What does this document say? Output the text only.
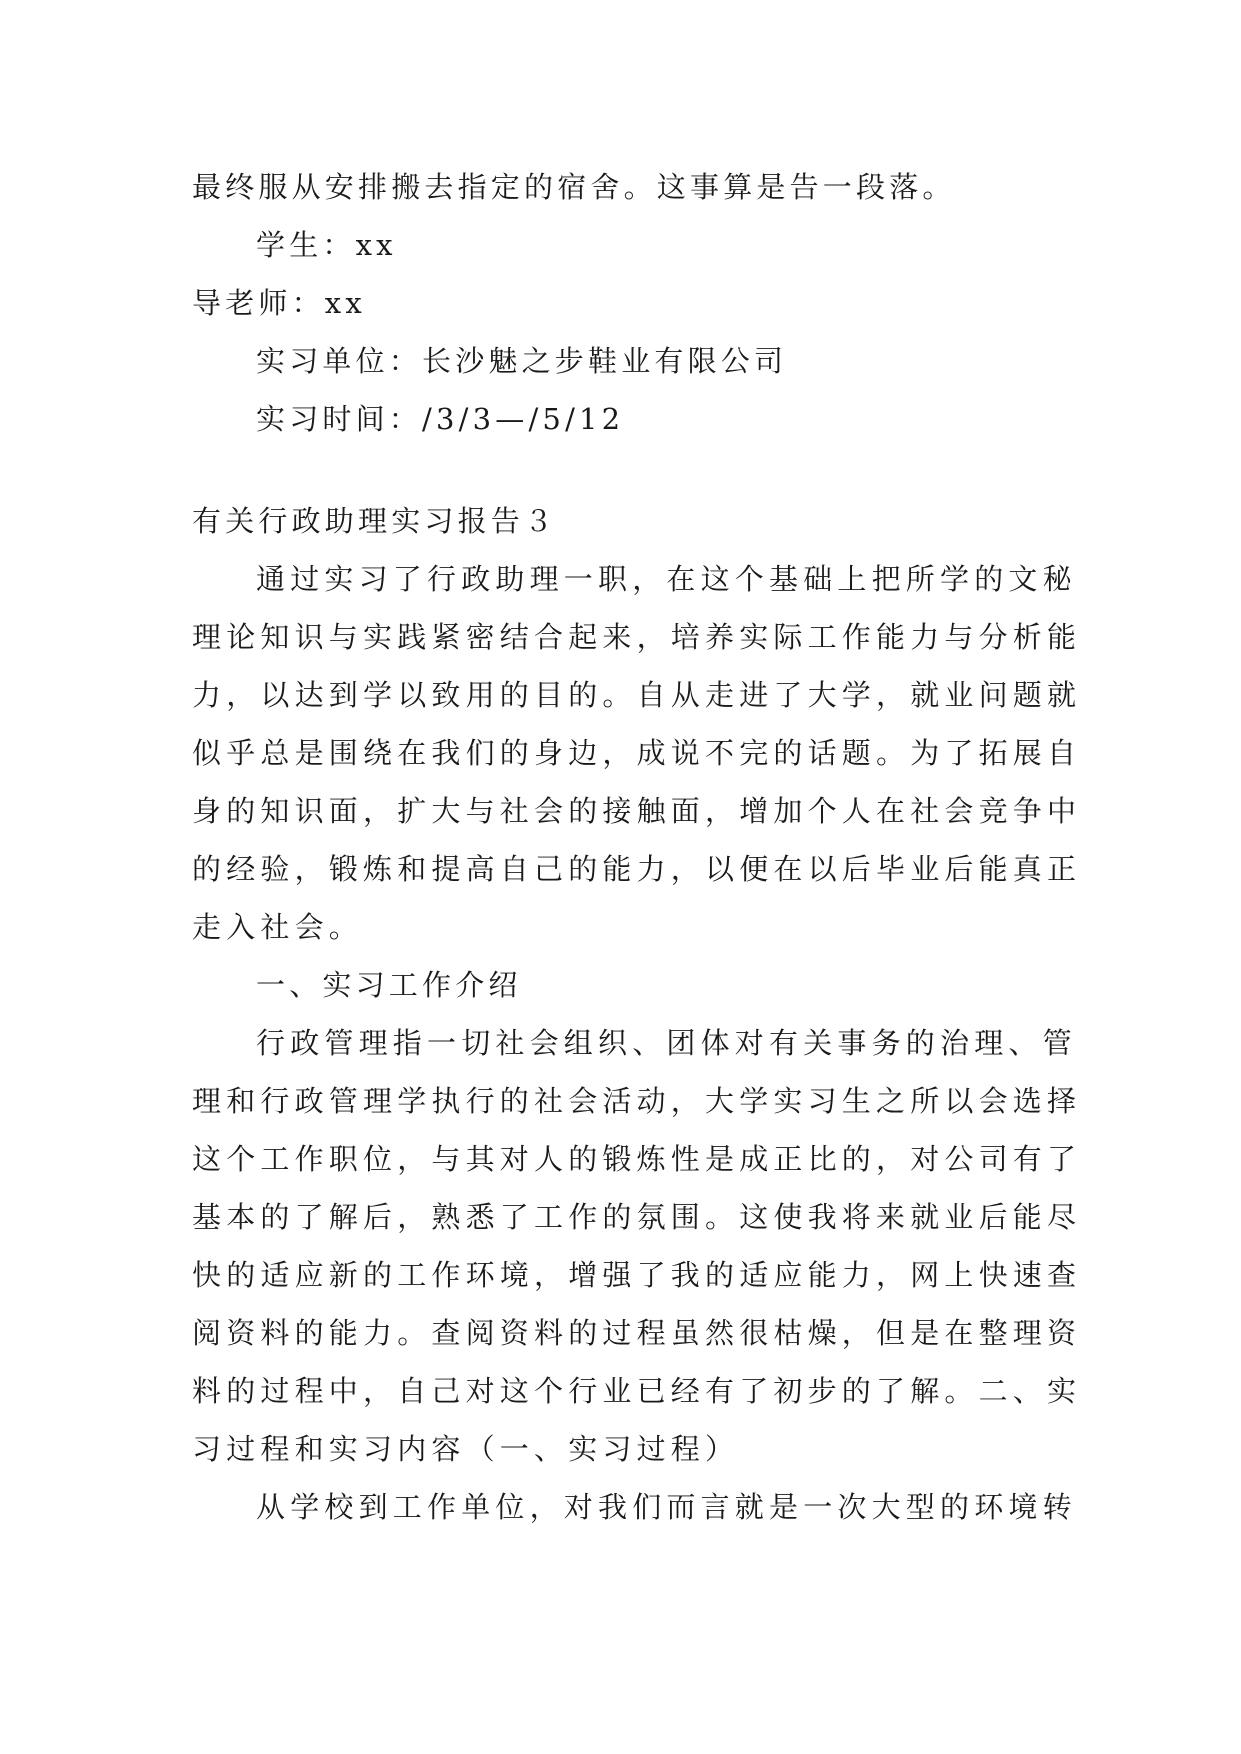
最终服从安排搬去指定的宿舍。这事算是告一段落。
学生：xx
导老师：xx
实习单位：长沙魅之步鞋业有限公司
实习时间：/3/3—/5/12
有关行政助理实习报告３
通过实习了行政助理一职，在这个基础上把所学的文秘
理论知识与实践紧密结合起来，培养实际工作能力与分析能
力，以达到学以致用的目的。自从走进了大学，就业问题就
似乎总是围绕在我们的身边，成说不完的话题。为了拓展自
身的知识面，扩大与社会的接触面，增加个人在社会竞争中
的经验，锻炼和提高自己的能力，以便在以后毕业后能真正
走入社会。
一、实习工作介绍
行政管理指一切社会组织、团体对有关事务的治理、管
理和行政管理学执行的社会活动，大学实习生之所以会选择
这个工作职位，与其对人的锻炼性是成正比的，对公司有了
基本的了解后，熟悉了工作的氛围。这使我将来就业后能尽
快的适应新的工作环境，增强了我的适应能力，网上快速查
阅资料的能力。查阅资料的过程虽然很枯燥，但是在整理资
料的过程中，自己对这个行业已经有了初步的了解。二、实
习过程和实习内容（一、实习过程）
从学校到工作单位，对我们而言就是一次大型的环境转
